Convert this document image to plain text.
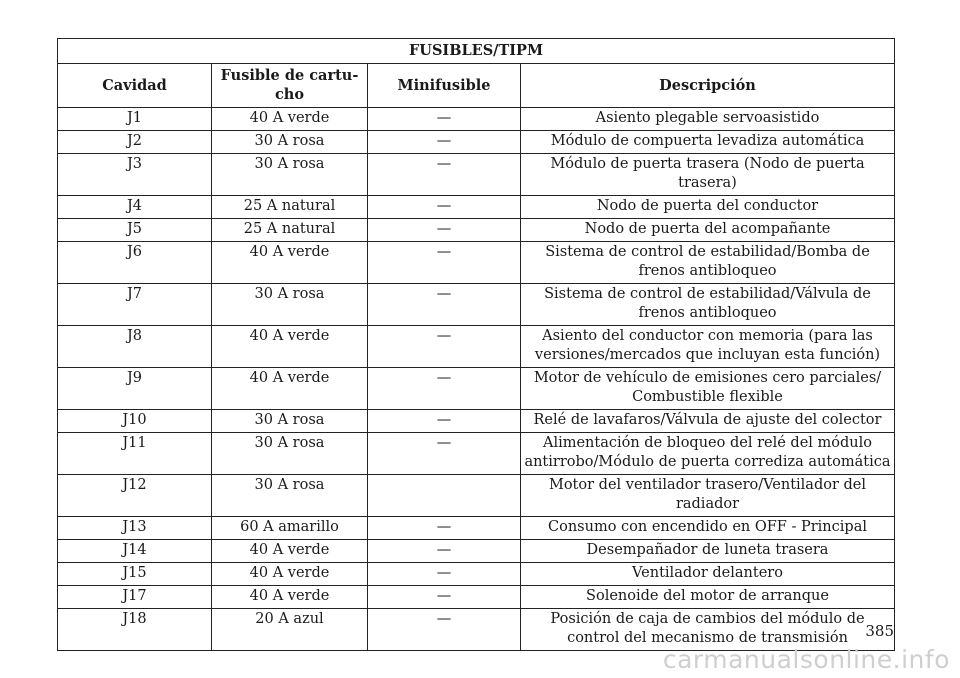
FUSIBLES/TIPM			
Cavidad	Fusible de cartu- cho	Minifusible	Descripción
J1	40 A verde	—	Asiento plegable servoasistido
J2	30 A rosa	—	Módulo de compuerta levadiza automática
J3	30 A rosa	—	Módulo de puerta trasera (Nodo de puerta trasera)
J4	25 A natural	—	Nodo de puerta del conductor
J5	25 A natural	—	Nodo de puerta del acompañante
J6	40 A verde	—	Sistema de control de estabilidad/Bomba de frenos antibloqueo
J7	30 A rosa	—	Sistema de control de estabilidad/Válvula de frenos antibloqueo
J8	40 A verde	—	Asiento del conductor con memoria (para las versiones/mercados que incluyan esta función)
J9	40 A verde	—	Motor de vehículo de emisiones cero parciales/ Combustible flexible
J10	30 A rosa	—	Relé de lavafaros/Válvula de ajuste del colector
J11	30 A rosa	—	Alimentación de bloqueo del relé del módulo antirrobo/Módulo de puerta corrediza automática
J12	30 A rosa		Motor del ventilador trasero/Ventilador del radiador
J13	60 A amarillo	—	Consumo con encendido en OFF - Principal
J14	40 A verde	—	Desempañador de luneta trasera
J15	40 A verde	—	Ventilador delantero
J17	40 A verde	—	Solenoide del motor de arranque
J18	20 A azul	—	Posición de caja de cambios del módulo de control del mecanismo de transmisión 385
carmanualsonline.info
